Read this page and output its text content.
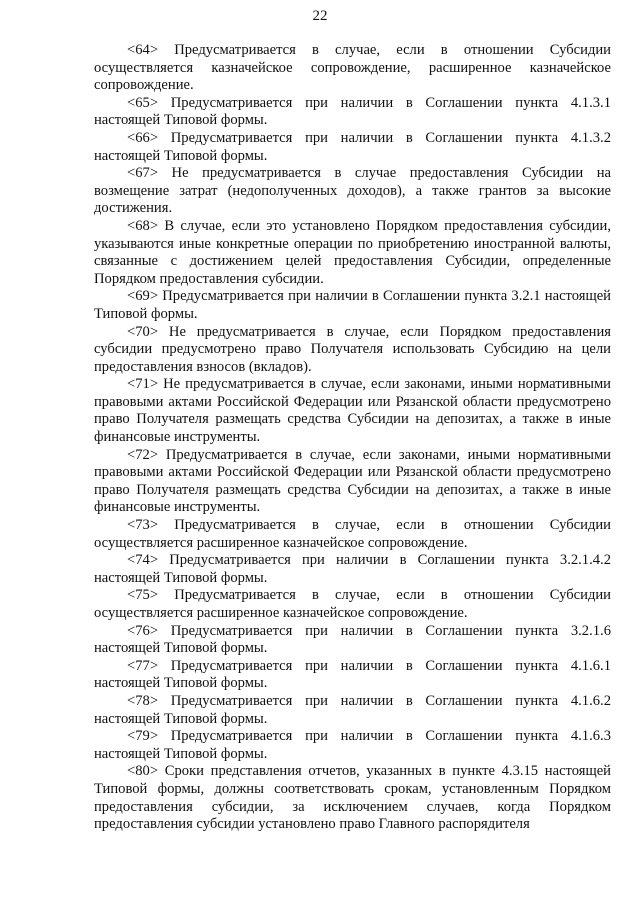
22

<64> Предусматривается в случае, если в отношении Субсидии осуществляется казначейское сопровождение, расширенное казначейское сопровождение.

<65> Предусматривается при наличии в Соглашении пункта 4.1.3.1 настоящей Типовой формы.

<66> Предусматривается при наличии в Соглашении пункта 4.1.3.2 настоящей Типовой формы.

<67> Не предусматривается в случае предоставления Субсидии на возмещение затрат (недополученных доходов), а также грантов за высокие достижения.

<68> В случае, если это установлено Порядком предоставления субсидии, указываются иные конкретные операции по приобретению иностранной валюты, связанные с достижением целей предоставления Субсидии, определенные Порядком предоставления субсидии.

<69> Предусматривается при наличии в Соглашении пункта 3.2.1 настоящей Типовой формы.

<70> Не предусматривается в случае, если Порядком предоставления субсидии предусмотрено право Получателя использовать Субсидию на цели предоставления взносов (вкладов).

<71> Не предусматривается в случае, если законами, иными нормативными правовыми актами Российской Федерации или Рязанской области предусмотрено право Получателя размещать средства Субсидии на депозитах, а также в иные финансовые инструменты.

<72> Предусматривается в случае, если законами, иными нормативными правовыми актами Российской Федерации или Рязанской области предусмотрено право Получателя размещать средства Субсидии на депозитах, а также в иные финансовые инструменты.

<73> Предусматривается в случае, если в отношении Субсидии осуществляется расширенное казначейское сопровождение.

<74> Предусматривается при наличии в Соглашении пункта 3.2.1.4.2 настоящей Типовой формы.

<75> Предусматривается в случае, если в отношении Субсидии осуществляется расширенное казначейское сопровождение.

<76> Предусматривается при наличии в Соглашении пункта 3.2.1.6 настоящей Типовой формы.

<77> Предусматривается при наличии в Соглашении пункта 4.1.6.1 настоящей Типовой формы.

<78> Предусматривается при наличии в Соглашении пункта 4.1.6.2 настоящей Типовой формы.

<79> Предусматривается при наличии в Соглашении пункта 4.1.6.3 настоящей Типовой формы.

<80> Сроки представления отчетов, указанных в пункте 4.3.15 настоящей Типовой формы, должны соответствовать срокам, установленным Порядком предоставления субсидии, за исключением случаев, когда Порядком предоставления субсидии установлено право Главного распорядителя
